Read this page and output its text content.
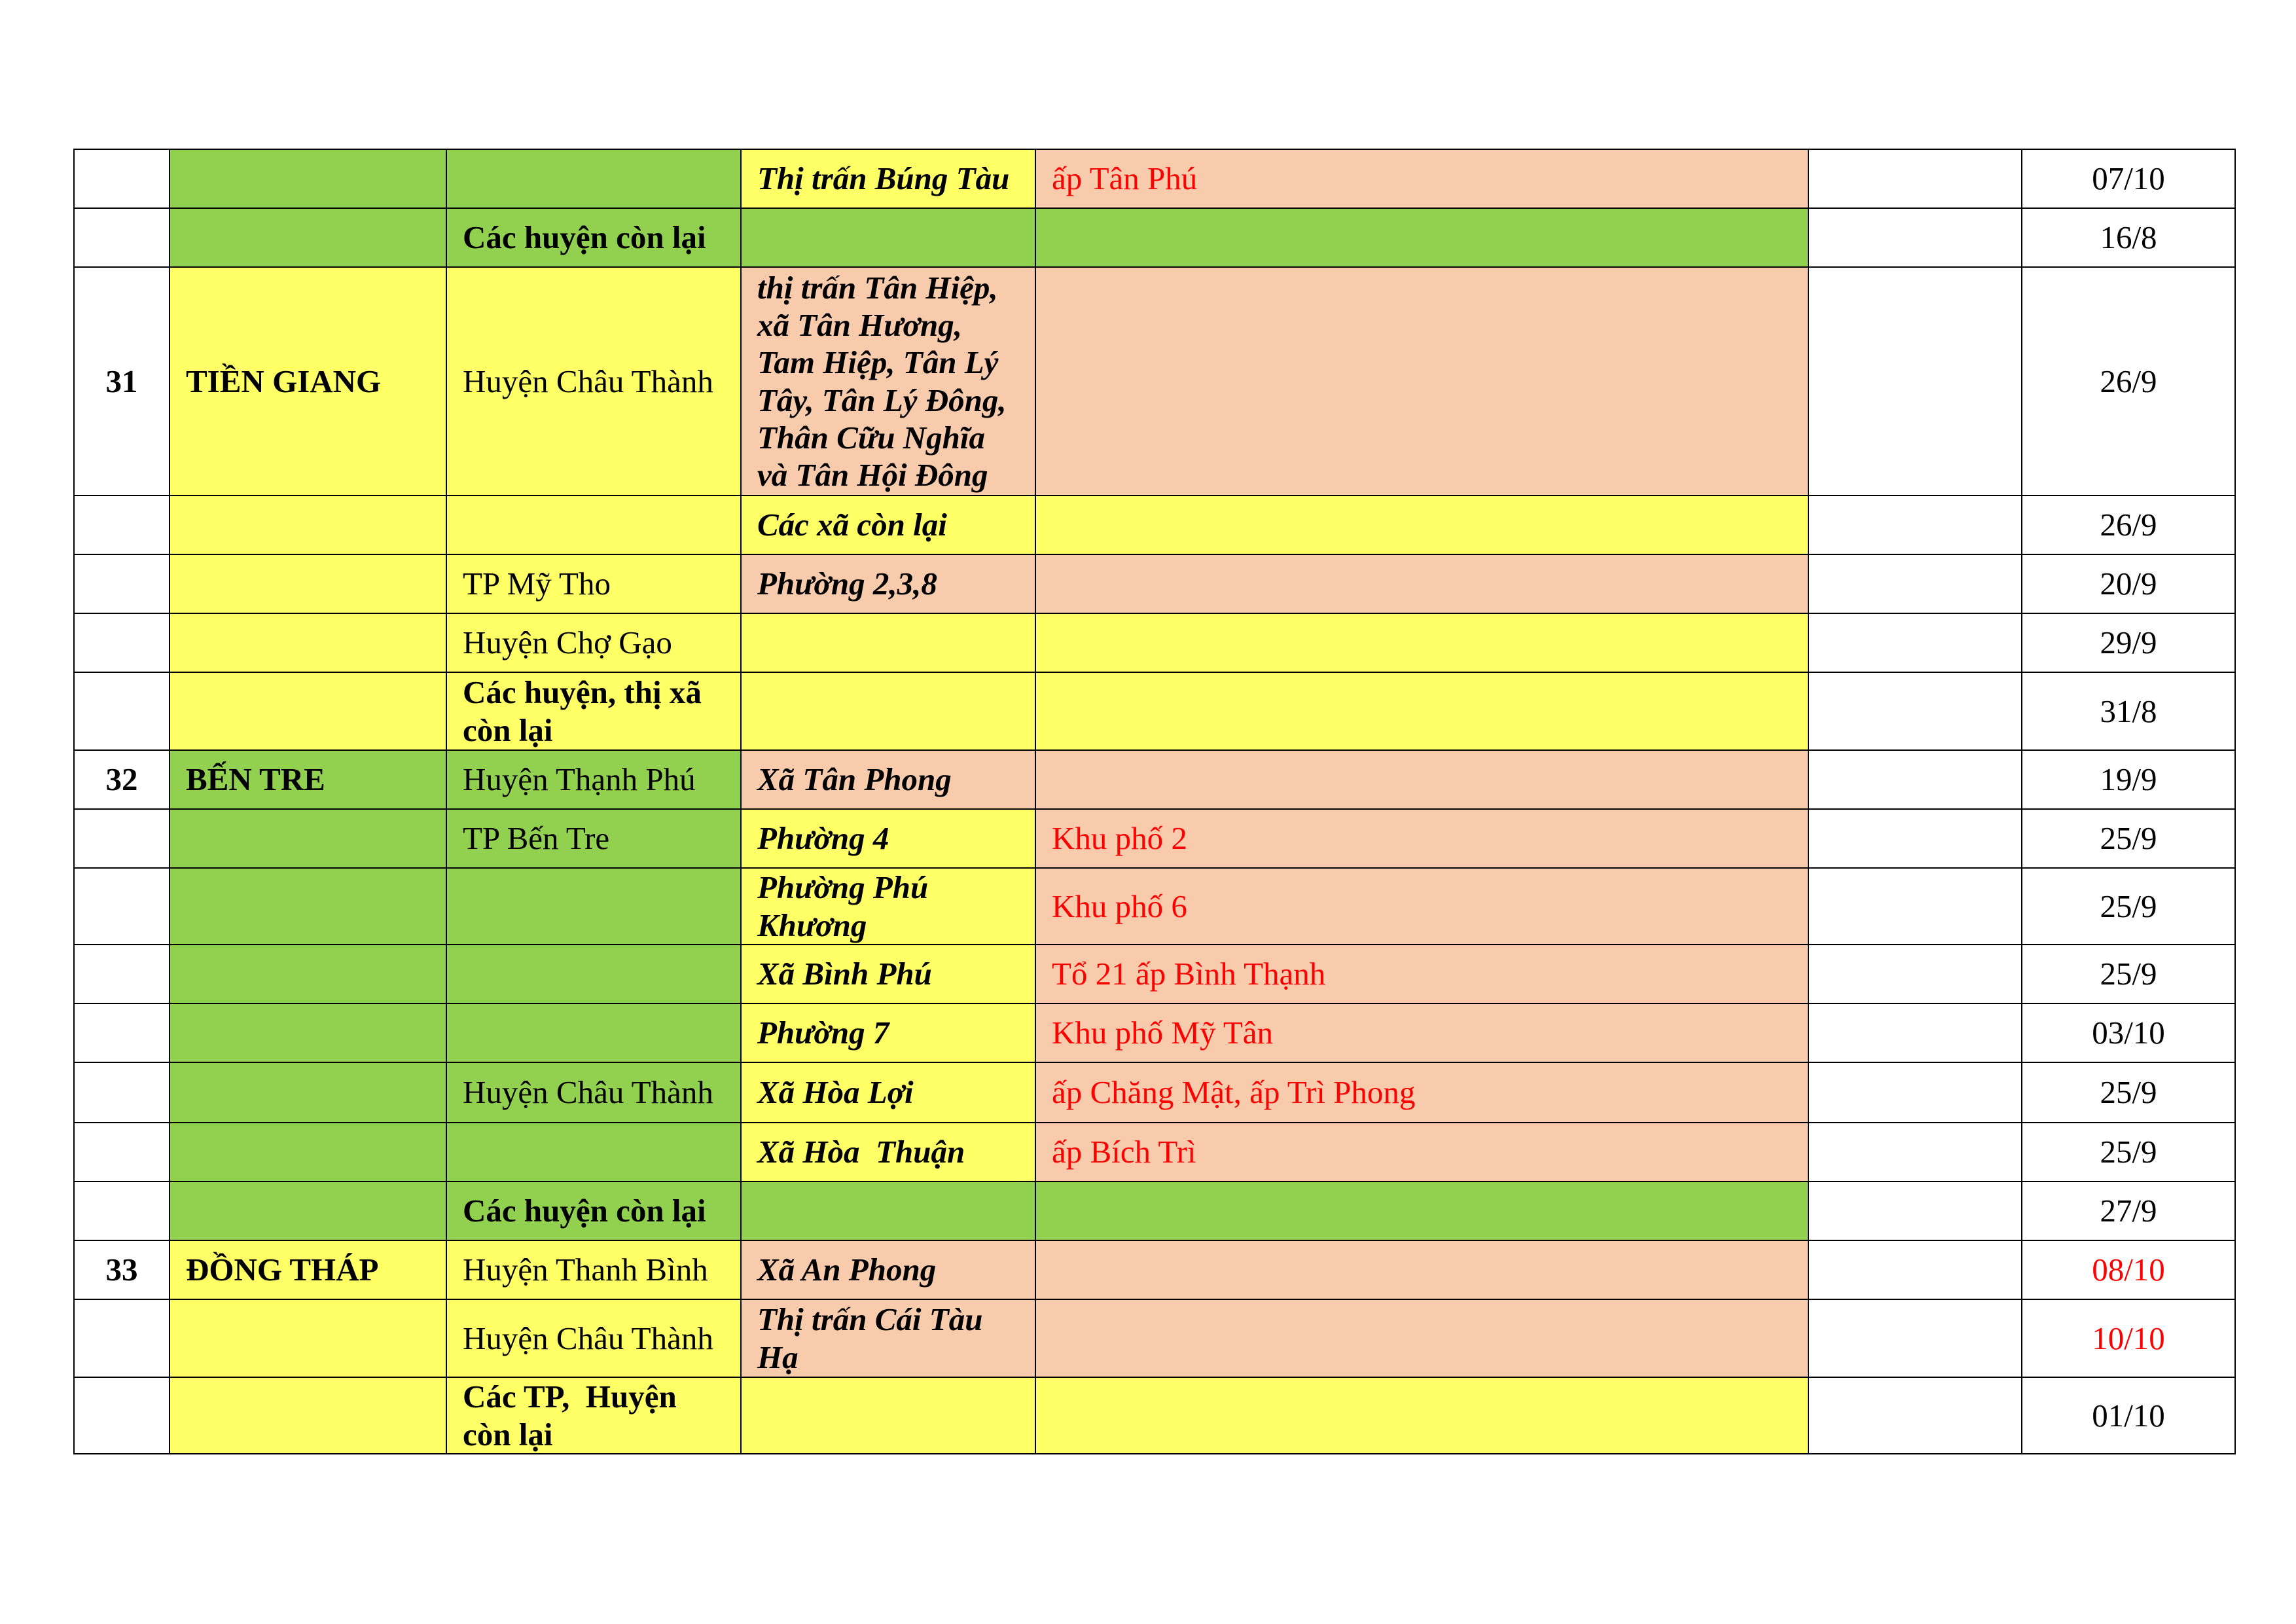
			Thị trấn Búng Tàu	ấp Tân Phú		07/10
		Các huyện còn lại				16/8
31	TIỀN GIANG	Huyện Châu Thành	thị trấn Tân Hiệp, xã Tân Hương, Tam Hiệp, Tân Lý Tây, Tân Lý Đông, Thân Cữu Nghĩa và Tân Hội Đông			26/9
			Các xã còn lại			26/9
		TP Mỹ Tho	Phường 2,3,8			20/9
		Huyện Chợ Gạo				29/9
		Các huyện, thị xã còn lại				31/8
32	BẾN TRE	Huyện Thạnh Phú	Xã Tân Phong			19/9
		TP Bến Tre	Phường 4	Khu phố 2		25/9
			Phường Phú Khương	Khu phố 6		25/9
			Xã Bình Phú	Tổ 21 ấp Bình Thạnh		25/9
			Phường 7	Khu phố Mỹ Tân		03/10
		Huyện Châu Thành	Xã Hòa Lợi	ấp Chăng Mật, ấp Trì Phong		25/9
			Xã Hòa  Thuận	ấp Bích Trì		25/9
		Các huyện còn lại				27/9
33	ĐỒNG THÁP	Huyện Thanh Bình	Xã An Phong			08/10
		Huyện Châu Thành	Thị trấn Cái Tàu Hạ			10/10
		Các TP,  Huyện còn lại				01/10
